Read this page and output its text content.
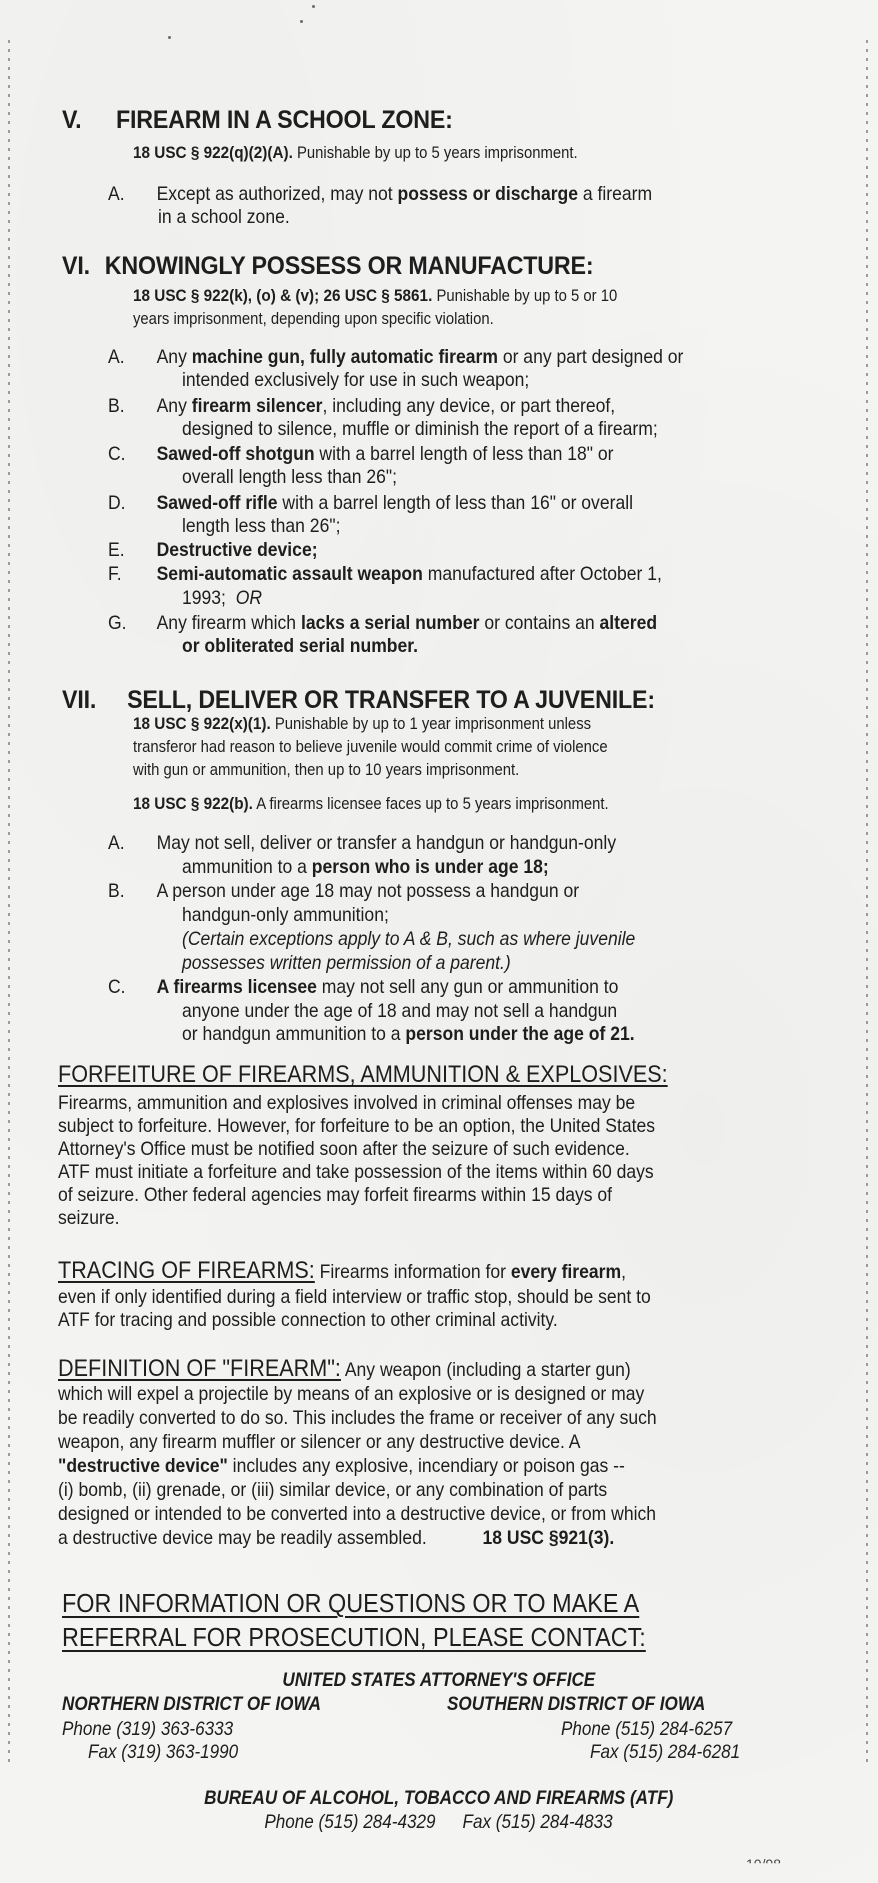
V. FIREARM IN A SCHOOL ZONE:
18 USC § 922(q)(2)(A). Punishable by up to 5 years imprisonment.
A. Except as authorized, may not possess or discharge a firearm
in a school zone.
VI. KNOWINGLY POSSESS OR MANUFACTURE:
18 USC § 922(k), (o) & (v); 26 USC § 5861. Punishable by up to 5 or 10
years imprisonment, depending upon specific violation.
A. Any machine gun, fully automatic firearm or any part designed or
intended exclusively for use in such weapon;
B. Any firearm silencer, including any device, or part thereof,
designed to silence, muffle or diminish the report of a firearm;
C. Sawed-off shotgun with a barrel length of less than 18" or
overall length less than 26";
D. Sawed-off rifle with a barrel length of less than 16" or overall
length less than 26";
E. Destructive device;
F. Semi-automatic assault weapon manufactured after October 1,
1993; OR
G. Any firearm which lacks a serial number or contains an altered
or obliterated serial number.
VII. SELL, DELIVER OR TRANSFER TO A JUVENILE:
18 USC § 922(x)(1). Punishable by up to 1 year imprisonment unless
transferor had reason to believe juvenile would commit crime of violence
with gun or ammunition, then up to 10 years imprisonment.
18 USC § 922(b). A firearms licensee faces up to 5 years imprisonment.
A. May not sell, deliver or transfer a handgun or handgun-only
ammunition to a person who is under age 18;
B. A person under age 18 may not possess a handgun or
handgun-only ammunition;
(Certain exceptions apply to A & B, such as where juvenile
possesses written permission of a parent.)
C. A firearms licensee may not sell any gun or ammunition to
anyone under the age of 18 and may not sell a handgun
or handgun ammunition to a person under the age of 21.
FORFEITURE OF FIREARMS, AMMUNITION & EXPLOSIVES:
Firearms, ammunition and explosives involved in criminal offenses may be
subject to forfeiture. However, for forfeiture to be an option, the United States
Attorney's Office must be notified soon after the seizure of such evidence.
ATF must initiate a forfeiture and take possession of the items within 60 days
of seizure. Other federal agencies may forfeit firearms within 15 days of
seizure.
TRACING OF FIREARMS: Firearms information for every firearm,
even if only identified during a field interview or traffic stop, should be sent to
ATF for tracing and possible connection to other criminal activity.
DEFINITION OF "FIREARM": Any weapon (including a starter gun)
which will expel a projectile by means of an explosive or is designed or may
be readily converted to do so. This includes the frame or receiver of any such
weapon, any firearm muffler or silencer or any destructive device. A
"destructive device" includes any explosive, incendiary or poison gas --
(i) bomb, (ii) grenade, or (iii) similar device, or any combination of parts
designed or intended to be converted into a destructive device, or from which
a destructive device may be readily assembled.	18 USC §921(3).
FOR INFORMATION OR QUESTIONS OR TO MAKE A
REFERRAL FOR PROSECUTION, PLEASE CONTACT:
UNITED STATES ATTORNEY'S OFFICE
NORTHERN DISTRICT OF IOWA	SOUTHERN DISTRICT OF IOWA
Phone (319) 363-6333
Fax (319) 363-1990
Phone (515) 284-6257
Fax (515) 284-6281
BUREAU OF ALCOHOL, TOBACCO AND FIREARMS (ATF)
Phone (515) 284-4329 Fax (515) 284-4833
